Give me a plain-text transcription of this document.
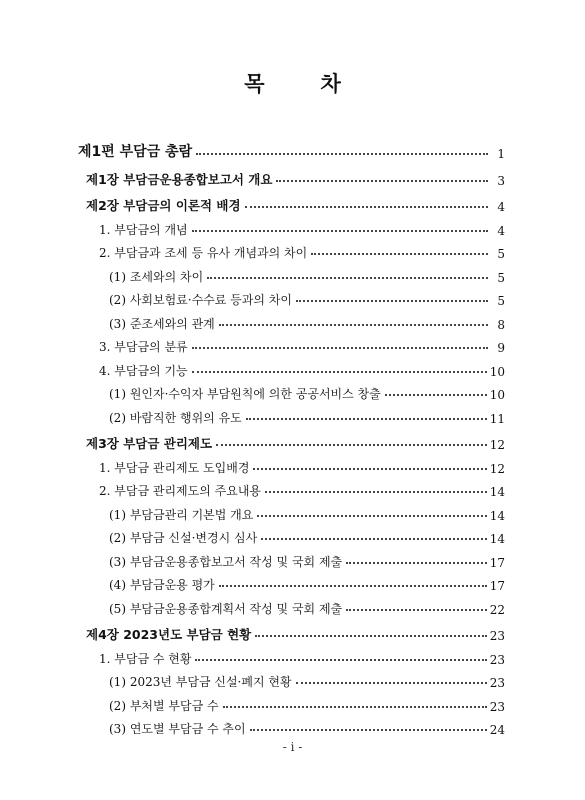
목	차
제1편 부담금 총람	1
제1장 부담금운용종합보고서 개요	3
제2장 부담금의 이론적 배경	4
1. 부담금의 개념	4
2. 부담금과 조세 등 유사 개념과의 차이	5
(1) 조세와의 차이	5
(2) 사회보험료·수수료 등과의 차이	5
(3) 준조세와의 관계	8
3. 부담금의 분류	9
4. 부담금의 기능	10
(1) 원인자·수익자 부담원칙에 의한 공공서비스 창출	10
(2) 바람직한 행위의 유도	11
제3장 부담금 관리제도	12
1. 부담금 관리제도 도입배경	12
2. 부담금 관리제도의 주요내용	14
(1) 부담금관리 기본법 개요	14
(2) 부담금 신설·변경시 심사	14
(3) 부담금운용종합보고서 작성 및 국회 제출	17
(4) 부담금운용 평가	17
(5) 부담금운용종합계획서 작성 및 국회 제출	22
제4장 2023년도 부담금 현황	23
1. 부담금 수 현황	23
(1) 2023년 부담금 신설·폐지 현황	23
(2) 부처별 부담금 수	23
(3) 연도별 부담금 수 추이	24
- i -
